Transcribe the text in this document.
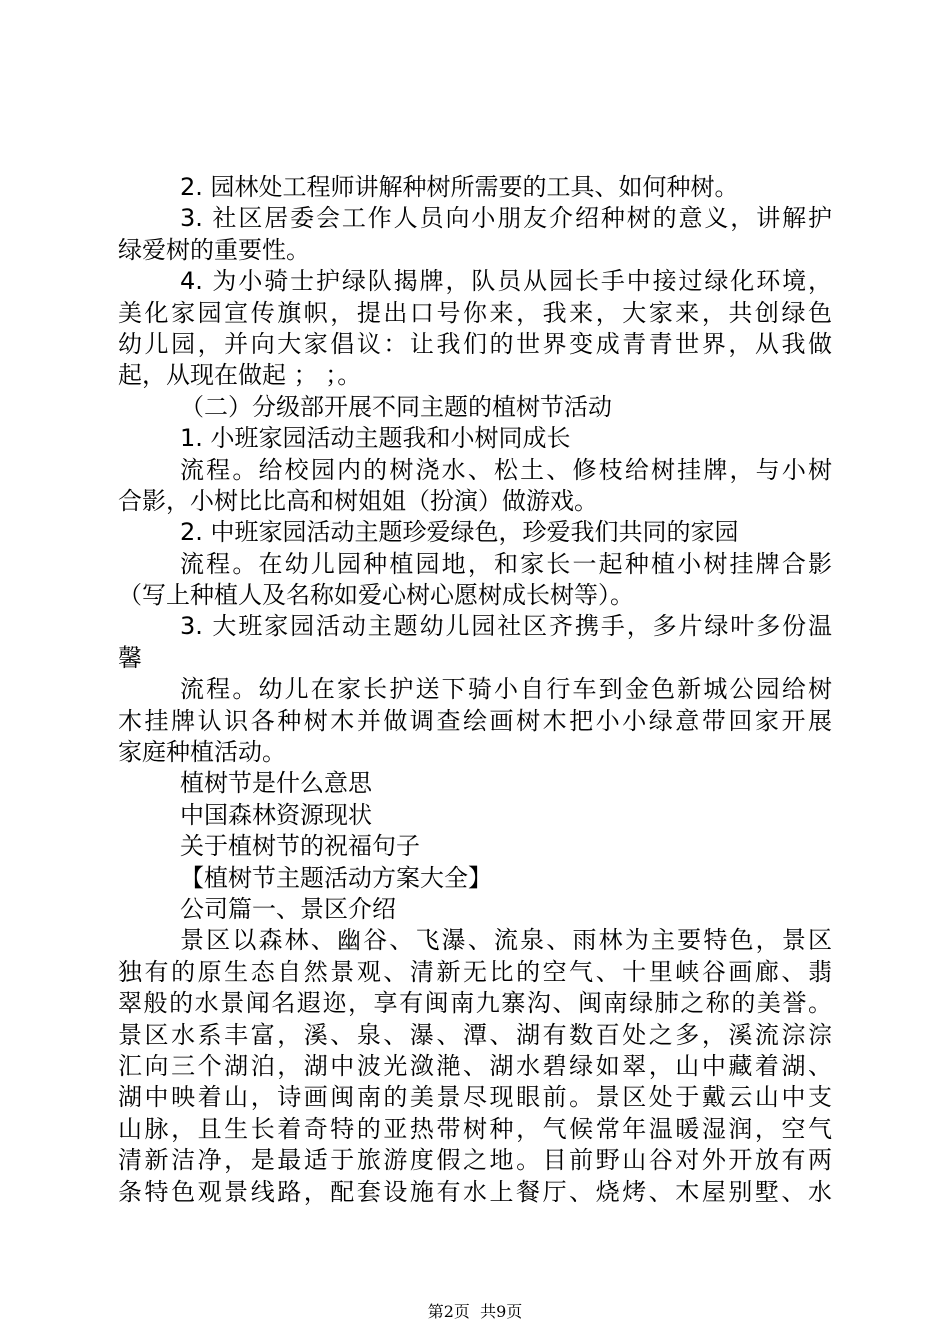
2. 园林处工程师讲解种树所需要的工具、如何种树。
3. 社区居委会工作人员向小朋友介绍种树的意义，讲解护
绿爱树的重要性。
4. 为小骑士护绿队揭牌，队员从园长手中接过绿化环境，
美化家园宣传旗帜，提出口号你来，我来，大家来，共创绿色
幼儿园，并向大家倡议：让我们的世界变成青青世界，从我做
起，从现在做起 ； ；。
（二）分级部开展不同主题的植树节活动
1. 小班家园活动主题我和小树同成长
流程。给校园内的树浇水、松土、修枝给树挂牌，与小树
合影，小树比比高和树姐姐（扮演）做游戏。
2. 中班家园活动主题珍爱绿色，珍爱我们共同的家园
流程。在幼儿园种植园地，和家长一起种植小树挂牌合影
（写上种植人及名称如爱心树心愿树成长树等）。
3. 大班家园活动主题幼儿园社区齐携手，多片绿叶多份温
馨
流程。幼儿在家长护送下骑小自行车到金色新城公园给树
木挂牌认识各种树木并做调查绘画树木把小小绿意带回家开展
家庭种植活动。
植树节是什么意思
中国森林资源现状
关于植树节的祝福句子
【植树节主题活动方案大全】
公司篇一、景区介绍
景区以森林、幽谷、飞瀑、流泉、雨林为主要特色，景区
独有的原生态自然景观、清新无比的空气、十里峡谷画廊、翡
翠般的水景闻名遐迩，享有闽南九寨沟、闽南绿肺之称的美誉。
景区水系丰富，溪、泉、瀑、潭、湖有数百处之多，溪流淙淙
汇向三个湖泊，湖中波光潋滟、湖水碧绿如翠，山中藏着湖、
湖中映着山，诗画闽南的美景尽现眼前。景区处于戴云山中支
山脉，且生长着奇特的亚热带树种，气候常年温暖湿润，空气
清新洁净，是最适于旅游度假之地。目前野山谷对外开放有两
条特色观景线路，配套设施有水上餐厅、烧烤、木屋别墅、水
第2页  共9页
